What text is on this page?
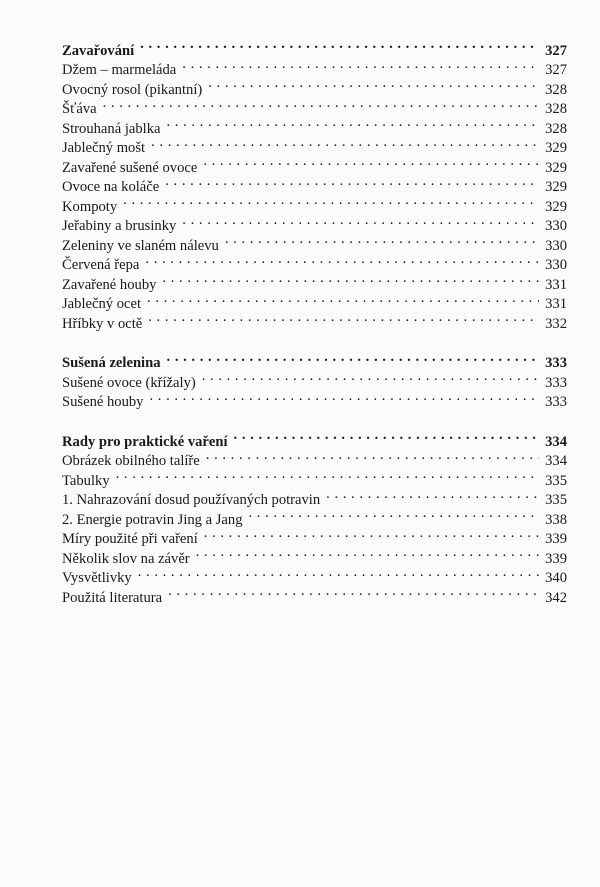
Zavařování . . .	327
Džem – marmeláda . . .	327
Ovocný rosol (pikantní) . . .	328
Šťáva . . .	328
Strouhaná jablka . . .	328
Jablečný mošt . . .	329
Zavařené sušené ovoce . . .	329
Ovoce na koláče . . .	329
Kompoty . . .	329
Jeřabiny a brusinky . . .	330
Zeleniny ve slaném nálevu . . .	330
Červená řepa . . .	330
Zavařené houby . . .	331
Jablečný ocet . . .	331
Hříbky v octě . . .	332
Sušená zelenina . . .	333
Sušené ovoce (křížaly) . . .	333
Sušené houby . . .	333
Rady pro praktické vaření . . .	334
Obrázek obilného talíře . . .	334
Tabulky . . .	335
1. Nahrazování dosud používaných potravin . . .	335
2. Energie potravin Jing a Jang . . .	338
Míry použité při vaření . . .	339
Několik slov na závěr . . .	339
Vysvětlivky . . .	340
Použitá literatura . . .	342
